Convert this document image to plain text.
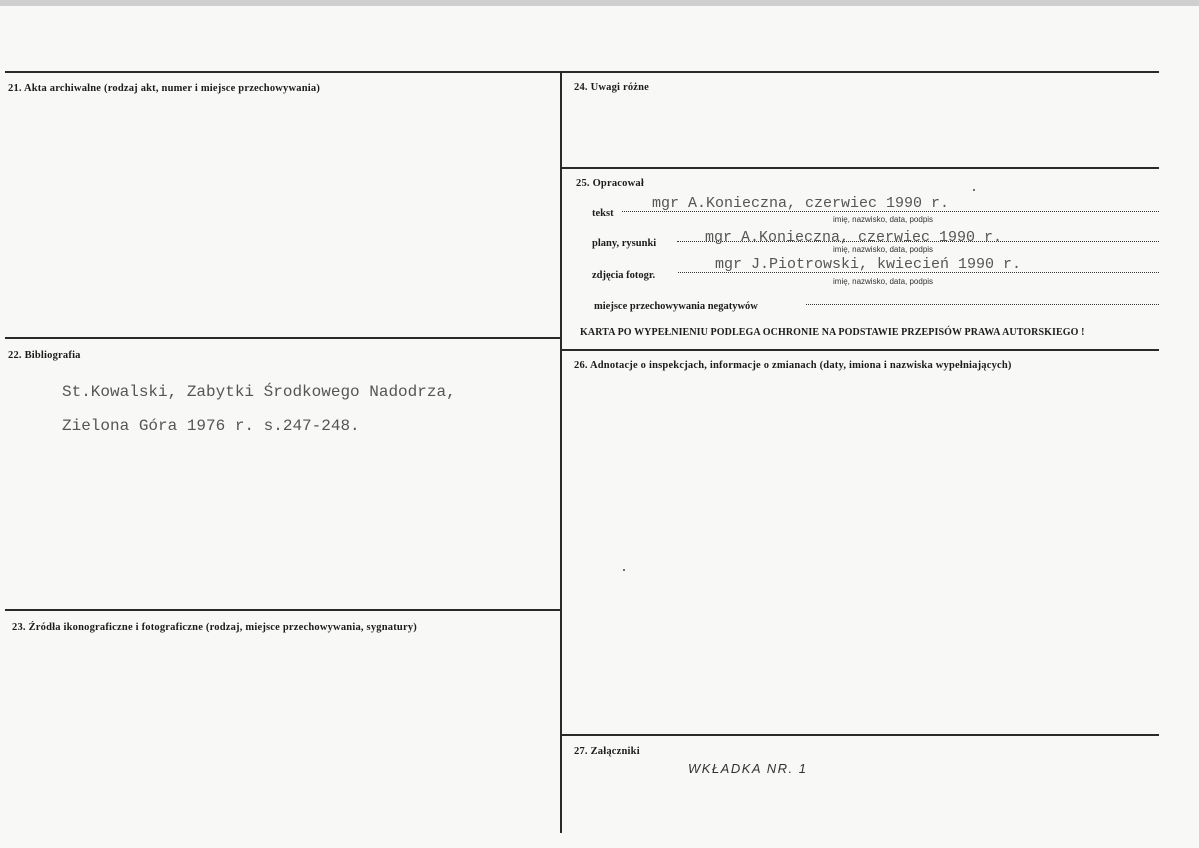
21. Akta archiwalne (rodzaj akt, numer i miejsce przechowywania)
22. Bibliografia
St.Kowalski, Zabytki Środkowego Nadodrza,
Zielona Góra 1976 r. s.247-248.
23. Źródła ikonograficzne i fotograficzne (rodzaj, miejsce przechowywania, sygnatury)
24. Uwagi różne
25. Opracował
tekst
mgr A.Konieczna, czerwiec 1990 r.
imię, nazwisko, data, podpis
plany, rysunki	mgr A.Konieczna, czerwiec 1990 r.
imię, nazwisko, data, podpis
zdjęcia fotogr.
mgr J.Piotrowski, kwiecień 1990 r.
imię, nazwisko, data, podpis
miejsce przechowywania negatywów
KARTA PO WYPEŁNIENIU PODLEGA OCHRONIE NA PODSTAWIE PRZEPISÓW PRAWA AUTORSKIEGO !
26. Adnotacje o inspekcjach, informacje o zmianach (daty, imiona i nazwiska wypełniających)
27. Załączniki
WKŁADKA NR. 1
